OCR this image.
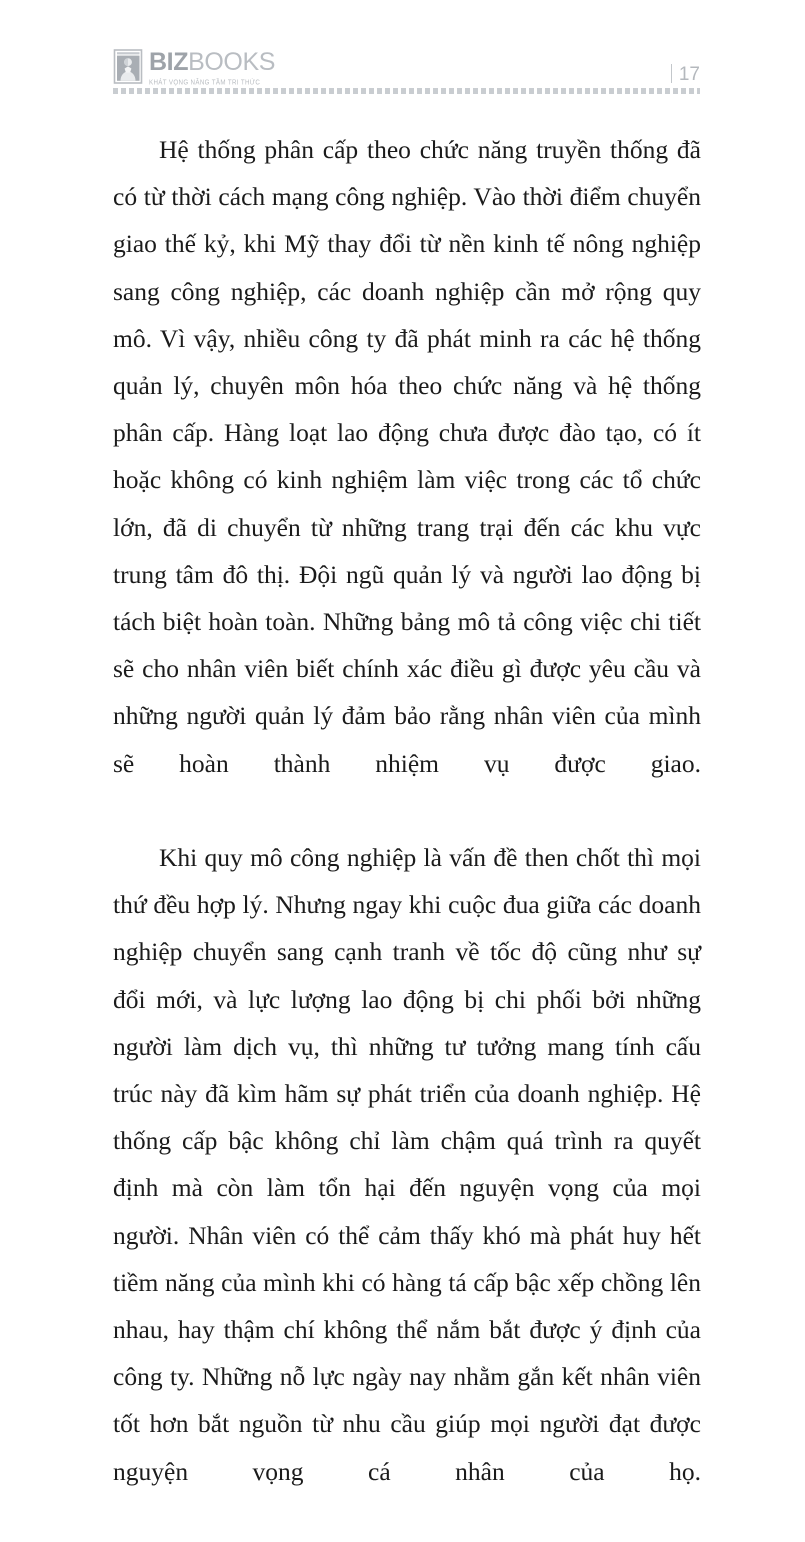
BIZBOOKS
KHÁT VỌNG NÂNG TẦM TRI THỨC	17

Hệ thống phân cấp theo chức năng truyền thống đã có từ thời cách mạng công nghiệp. Vào thời điểm chuyển giao thế kỷ, khi Mỹ thay đổi từ nền kinh tế nông nghiệp sang công nghiệp, các doanh nghiệp cần mở rộng quy mô. Vì vậy, nhiều công ty đã phát minh ra các hệ thống quản lý, chuyên môn hóa theo chức năng và hệ thống phân cấp. Hàng loạt lao động chưa được đào tạo, có ít hoặc không có kinh nghiệm làm việc trong các tổ chức lớn, đã di chuyển từ những trang trại đến các khu vực trung tâm đô thị. Đội ngũ quản lý và người lao động bị tách biệt hoàn toàn. Những bảng mô tả công việc chi tiết sẽ cho nhân viên biết chính xác điều gì được yêu cầu và những người quản lý đảm bảo rằng nhân viên của mình sẽ hoàn thành nhiệm vụ được giao.

Khi quy mô công nghiệp là vấn đề then chốt thì mọi thứ đều hợp lý. Nhưng ngay khi cuộc đua giữa các doanh nghiệp chuyển sang cạnh tranh về tốc độ cũng như sự đổi mới, và lực lượng lao động bị chi phối bởi những người làm dịch vụ, thì những tư tưởng mang tính cấu trúc này đã kìm hãm sự phát triển của doanh nghiệp. Hệ thống cấp bậc không chỉ làm chậm quá trình ra quyết định mà còn làm tổn hại đến nguyện vọng của mọi người. Nhân viên có thể cảm thấy khó mà phát huy hết tiềm năng của mình khi có hàng tá cấp bậc xếp chồng lên nhau, hay thậm chí không thể nắm bắt được ý định của công ty. Những nỗ lực ngày nay nhằm gắn kết nhân viên tốt hơn bắt nguồn từ nhu cầu giúp mọi người đạt được nguyện vọng cá nhân của họ.
